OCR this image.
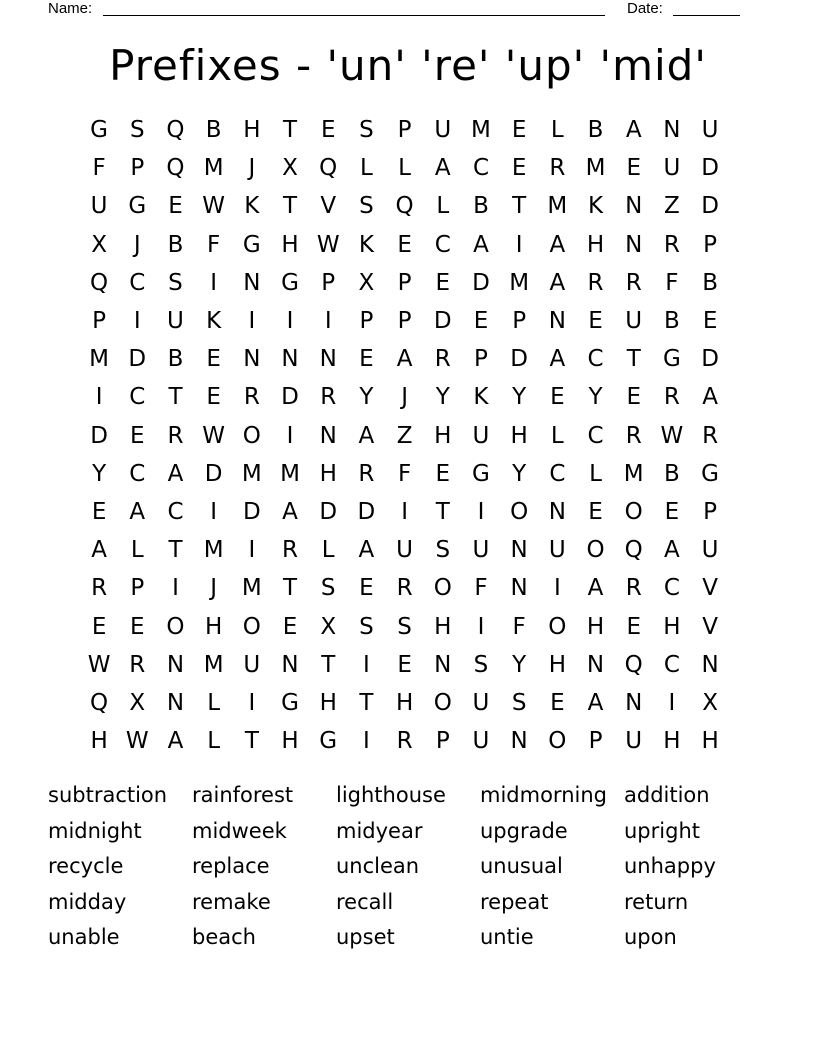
Name:	Date:
Prefixes - 'un' 're' 'up' 'mid'
G S Q B H T	E	S	P U M E	L	B A N U
F	P Q M	J	X Q L	L	A C E R M E U D
U G E W K	T	V	S Q L	B	T M K N Z D
X	J	B	F G H W K	E C A	I	A H N R	P
Q C S	I	N G P	X	P	E D M A R R	F	B
P	I	U K	I	I	I	P	P D E	P N E U B	E
M D B	E N N N E	A R	P D A C	T G D
I	C	T	E R D R	Y	J	Y	K	Y	E	Y	E R A
D E R W O	I	N A Z H U H	L	C R W R
Y	C A D M M H R	F	E G Y	C	L M B G
E	A C	I	D A D D	I	T	I	O N E O E	P
A	L	T M	I	R	L	A U S U N U O Q A U
R	P	I	J	M T	S	E R O F N	I	A R C V
E	E O H O E	X	S	S H	I	F O H E H V
W R N M U N T	I	E N S	Y H N Q C N
Q X N	L	I	G H T H O U S	E	A N	I	X
H W A	L	T H G	I	R	P U N O P U H H
subtraction	rainforest	lighthouse	midmorning addition
midnight	midweek	midyear	upgrade	upright
recycle	replace	unclean	unusual	unhappy
midday	remake	recall	repeat	return
unable	beach	upset	untie	upon
